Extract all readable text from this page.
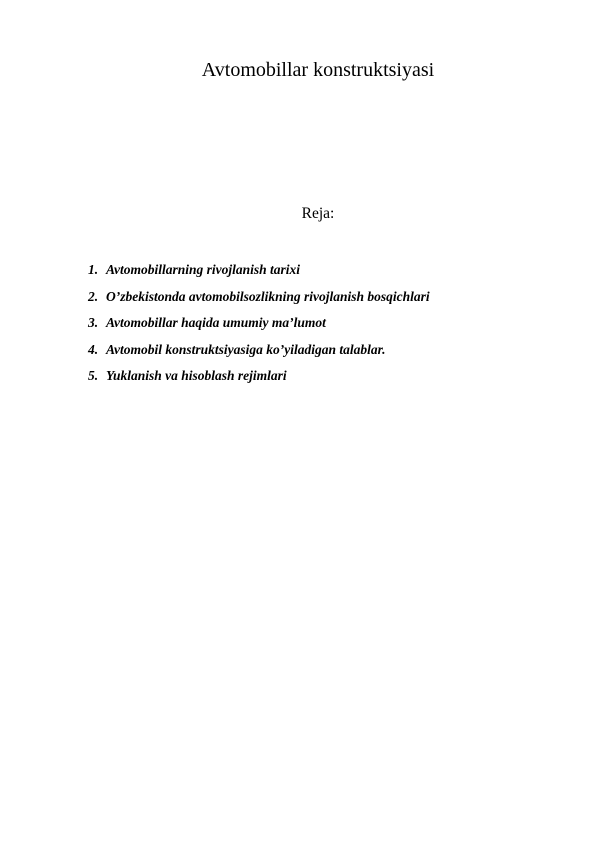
Avtomobillar konstruktsiyasi
Reja:
1. Avtomobillarning rivojlanish tarixi
2. O’zbekistonda avtomobilsozlikning rivojlanish bosqichlari
3. Avtomobillar haqida umumiy ma’lumot
4. Avtomobil konstruktsiyasiga ko’yiladigan talablar.
5. Yuklanish va hisoblash rejimlari
